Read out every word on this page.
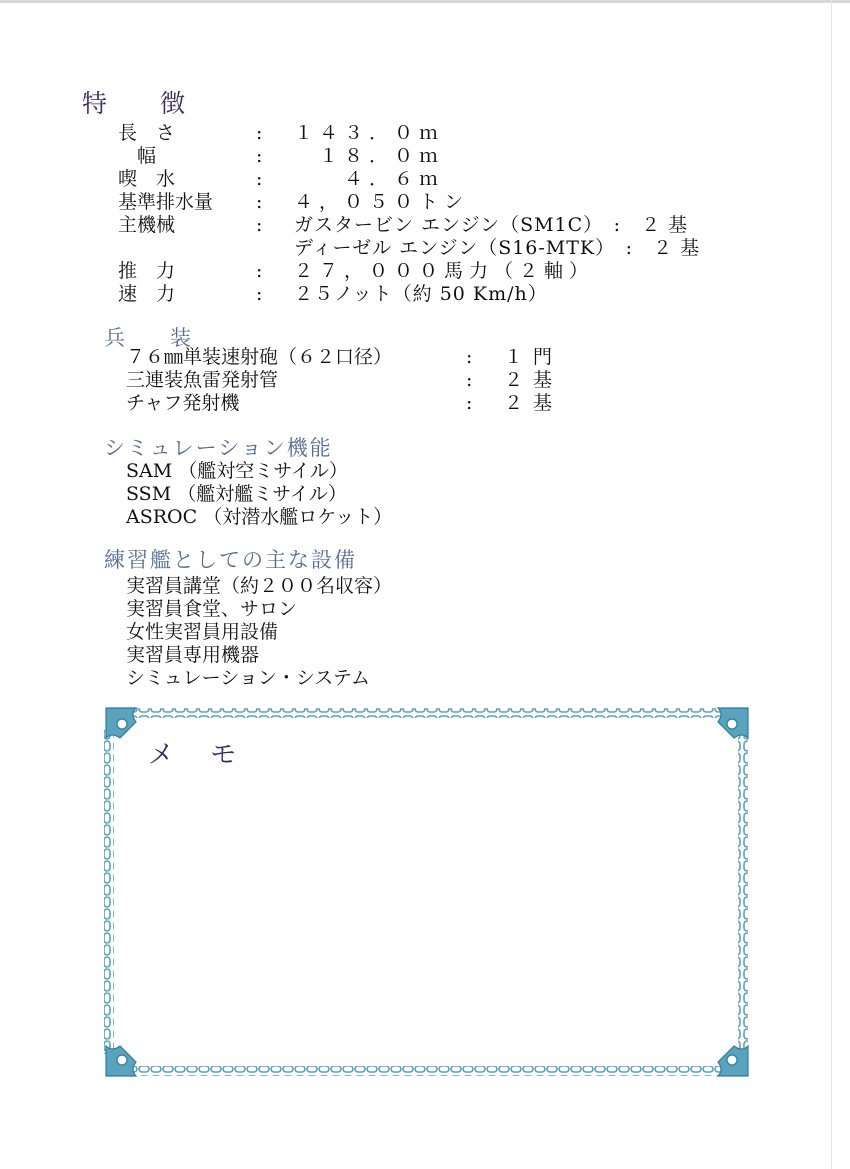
特　徴
長　さ	:	１４３．０ｍ
　幅	:	　１８．０ｍ
喫　水	:	　　４．６ｍ
基準排水量	:	４，０５０トン
主機械	:	ガスタービン エンジン（SM1C）　:　２ 基
ディーゼル エンジン（S16-MTK）　:　２ 基
推　力	:	２７，０００馬力（２軸）
速　力	:	２５ノット（約 50 Km/h）
兵　装
７６㎜単装速射砲（６２口径）	:	１門
三連装魚雷発射管	:	２基
チャフ発射機	:	２基
シミュレーション機能
SAM （艦対空ミサイル）
SSM （艦対艦ミサイル）
ASROC （対潜水艦ロケット）
練習艦としての主な設備
実習員講堂（約２００名収容）
実習員食堂、サロン
女性実習員用設備
実習員専用機器
シミュレーション・システム
メ モ
